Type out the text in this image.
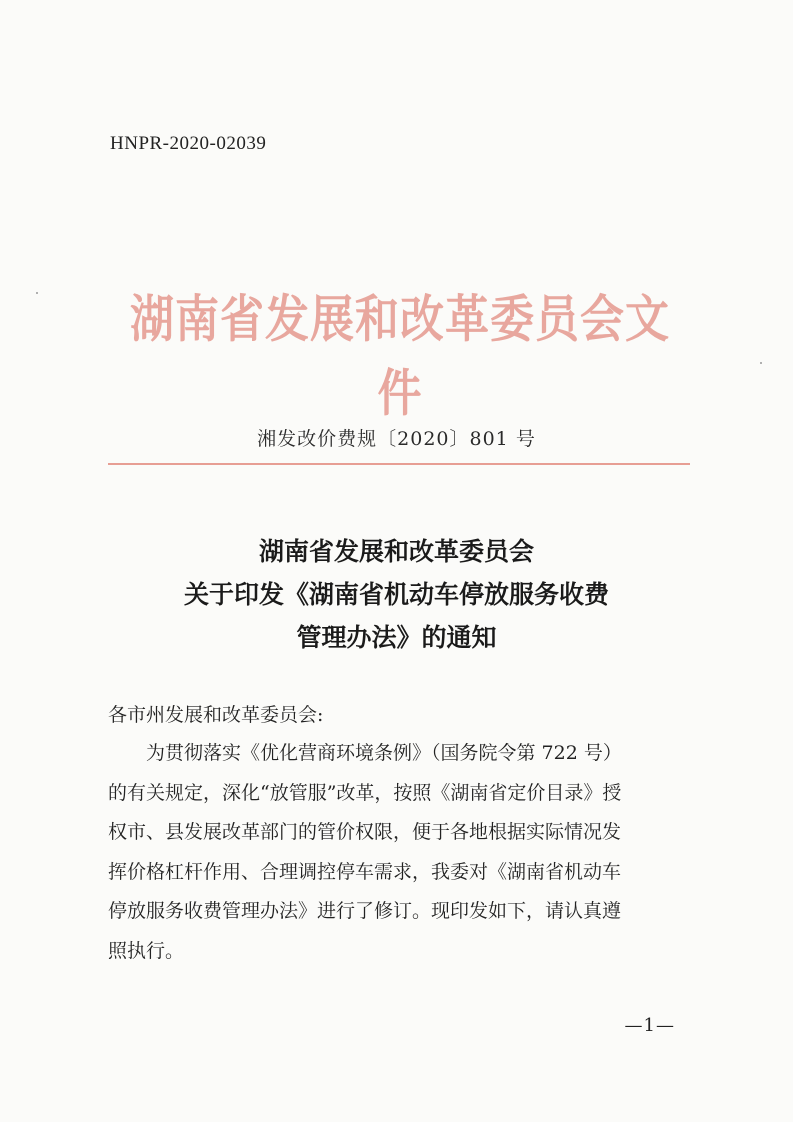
HNPR-2020-02039
湖南省发展和改革委员会文件
湘发改价费规〔2020〕801 号
湖南省发展和改革委员会
关于印发《湖南省机动车停放服务收费
管理办法》的通知
各市州发展和改革委员会:
　　为贯彻落实《优化营商环境条例》（国务院令第 722 号）
的有关规定，深化“放管服”改革，按照《湖南省定价目录》授
权市、县发展改革部门的管价权限，便于各地根据实际情况发
挥价格杠杆作用、合理调控停车需求，我委对《湖南省机动车
停放服务收费管理办法》进行了修订。现印发如下，请认真遵
照执行。
—1—
